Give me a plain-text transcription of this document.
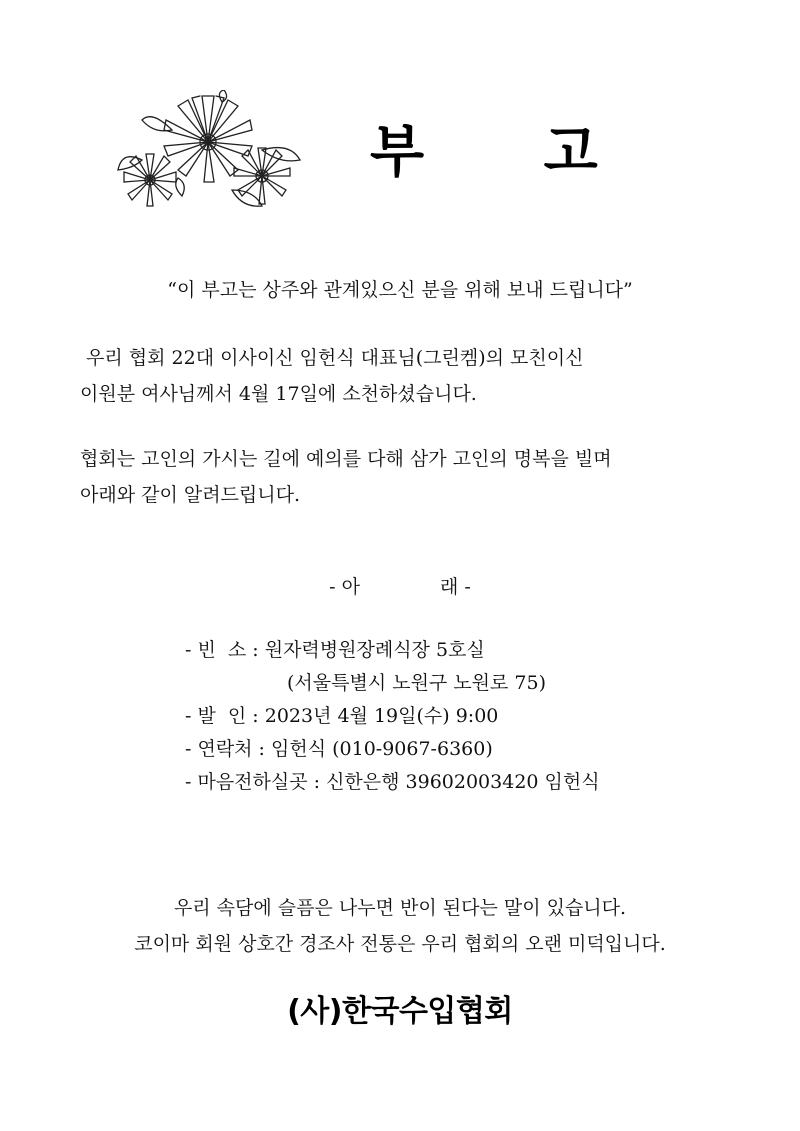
부 고
“이 부고는 상주와 관계있으신 분을 위해 보내 드립니다”
우리 협회 22대 이사이신 임헌식 대표님(그린켐)의 모친이신
이원분 여사님께서 4월 17일에 소천하셨습니다.
협회는 고인의 가시는 길에 예의를 다해 삼가 고인의 명복을 빌며
아래와 같이 알려드립니다.
- 아	래 -
- 빈  소 : 원자력병원장례식장 5호실
(서울특별시 노원구 노원로 75)
- 발  인 : 2023년 4월 19일(수) 9:00
- 연락처 : 임헌식 (010-9067-6360)
- 마음전하실곳 : 신한은행 39602003420 임헌식
우리 속담에 슬픔은 나누면 반이 된다는 말이 있습니다.
코이마 회원 상호간 경조사 전통은 우리 협회의 오랜 미덕입니다.
(사)한국수입협회
